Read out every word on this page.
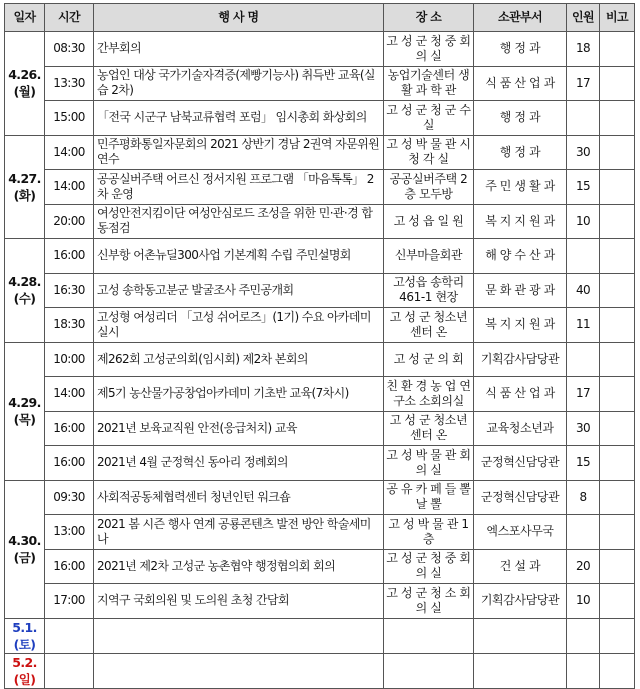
일자	시간	행 사 명	장 소	소관부서	인원	비고

4.26.
(월)	08:30	간부회의	고 성 군 청 중 회 의 실	행 정 과	18	
	13:30	농업인 대상 국가기술자격증(제빵기능사) 취득반 교육(실습 2차)	농업기술센터 생 활 과 학 관	식 품 산 업 과	17	
	15:00	「전국 시군구 남북교류협력 포럼」 임시총회 화상회의	고 성 군 청 군 수 실	행 정 과		

4.27.
(화)	14:00	민주평화통일자문회의 2021 상반기 경남 2권역 자문위원 연수	고 성 박 물 관 시 청 각 실	행 정 과	30	
	14:00	공공실버주택 어르신 정서지원 프로그램 「마음톡톡」 2차 운영	공공실버주택 2층 모두방	주 민 생 활 과	15	
	20:00	여성안전지킴이단 여성안심로드 조성을 위한 민·관·경 합동점검	고 성 읍 일 원	복 지 지 원 과	10	

4.28.
(수)	16:00	신부항 어촌뉴딜300사업 기본계획 수립 주민설명회	신부마을회관	해 양 수 산 과		
	16:30	고성 송학동고분군 발굴조사 주민공개회	고성읍 송학리 461-1 현장	문 화 관 광 과	40	
	18:30	고성형 여성리더 「고성 쉬어로즈」(1기) 수요 아카데미 실시	고 성 군 청소년센터 온	복 지 지 원 과	11	

4.29.
(목)	10:00	제262회 고성군의회(임시회) 제2차 본회의	고 성 군 의 회	기획감사담당관		
	14:00	제5기 농산물가공창업아카데미 기초반 교육(7차시)	친 환 경 농 업 연구소 소회의실	식 품 산 업 과	17	
	16:00	2021년 보육교직원 안전(응급처치) 교육	고 성 군 청소년센터 온	교육청소년과	30	
	16:00	2021년 4월 군정혁신 동아리 정례회의	고 성 박 물 관 회 의 실	군정혁신담당관	15	

4.30.
(금)	09:30	사회적공동체협력센터 청년인턴 워크숍	공 유 카 페 들 뽈 날 뽈	군정혁신담당관	8	
	13:00	2021 봄 시즌 행사 연계 공룡콘텐츠 발전 방안 학술세미나	고 성 박 물 관 1 층	엑스포사무국		
	16:00	2021년 제2차 고성군 농촌협약 행정협의회 회의	고 성 군 청 중 회 의 실	건 설 과	20	
	17:00	지역구 국회의원 및 도의원 초청 간담회	고 성 군 청 소 회 의 실	기획감사담당관	10	

5.1.
(토)						

5.2.
(일)						
